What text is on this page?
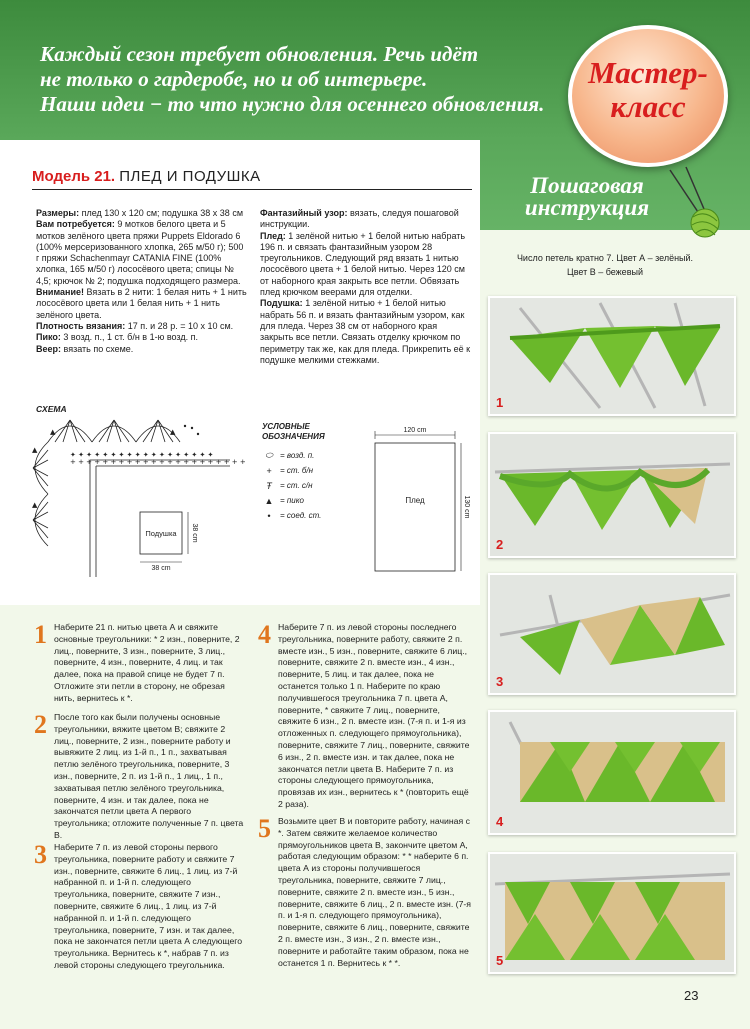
Каждый сезон требует обновления. Речь идёт
не только о гардеробе, но и об интерьере.
Наши идеи − то что нужно для осеннего обновления.
Мастер-
класс
Пошаговая
инструкция
Число петель кратно 7. Цвет А – зелёный.
Цвет В – бежевый
1
2
3
4
5
Модель 21. ПЛЕД И ПОДУШКА

Размеры: плед 130 х 120 см; подушка 38 х 38 см

Вам потребуется: 9 мотков белого цвета и 5 мотков зелёного цвета пряжи Puppets Eldorado 6 (100% мерсеризованного хлопка, 265 м/50 г); 500 г пряжи Schachenmayr CATANIA FINE (100% хлопка, 165 м/50 г) лососёвого цвета; спицы № 4,5; крючок № 2; подушка подходящего размера.

Внимание! Вязать в 2 нити: 1 белая нить + 1 нить лососёвого цвета или 1 белая нить + 1 нить зелёного цвета.

Плотность вязания: 17 п. и 28 р. = 10 х 10 см.

Пико: 3 возд. п., 1 ст. б/н в 1-ю возд. п.

Веер: вязать по схеме.

Фантазийный узор: вязать, следуя пошаговой инструкции.

Плед: 1 зелёной нитью + 1 белой нитью набрать 196 п. и связать фантазийным узором 28 треугольников. Следующий ряд вязать 1 нитью лососёвого цвета + 1 белой нитью. Через 120 см от наборного края закрыть все петли. Обвязать плед крючком веерами для отделки.

Подушка: 1 зелёной нитью + 1 белой нитью набрать 56 п. и вязать фантазийным узором, как для пледа. Через 38 см от наборного края закрыть все петли. Связать отделку крючком по периметру так же, как для пледа. Прикрепить её к подушке мелкими стежками.

СХЕМА
✦ ✦ ✦ ✦ ✦ ✦ ✦ ✦ ✦ ✦ ✦ ✦ ✦ ✦ ✦ ✦ ✦ ✦
+ + + + + + + + + + + + + + + + + + + + + +
▲	▲
▲
▲
Подушка
38 cm
38 cm
УСЛОВНЫЕ
ОБОЗНАЧЕНИЯ
⬭ = возд. п.
+	= ст. б/н
Ŧ	= ст. с/н
▲ = пико
•	= соед. ст.
120 cm
Плед	130 cm
1 Наберите 21 п. нитью цвета А и свяжите основные треугольники: * 2 изн., поверните, 2 лиц., поверните, 3 изн., поверните, 3 лиц., поверните, 4 изн., поверните, 4 лиц. и так далее, пока на правой спице не будет 7 п. Отложите эти петли в сторону, не обрезая нить, вернитесь к *.
2 После того как были получены основные треугольники, вяжите цветом В; свяжите 2 лиц., поверните, 2 изн., поверните работу и вывяжите 2 лиц. из 1-й п., 1 п., захватывая петлю зелёного треугольника, поверните, 3 изн., поверните, 2 п. из 1-й п., 1 лиц., 1 п., захватывая петлю зелёного треугольника, поверните, 4 изн. и так далее, пока не закончатся петли цвета А первого треугольника; отложите полученные 7 п. цвета В.
3 Наберите 7 п. из левой стороны первого треугольника, поверните работу и свяжите 7 изн., поверните, свяжите 6 лиц., 1 лиц. из 7-й набранной п. и 1-й п. следующего треугольника, поверните, свяжите 7 изн., поверните, свяжите 6 лиц., 1 лиц. из 7-й набранной п. и 1-й п. следующего треугольника, поверните, 7 изн. и так далее, пока не закончатся петли цвета А следующего треугольника. Вернитесь к *, набрав 7 п. из левой стороны следующего треугольника.
4 Наберите 7 п. из левой стороны последнего треугольника, поверните работу, свяжите 2 п. вместе изн., 5 изн., поверните, свяжите 6 лиц., поверните, свяжите 2 п. вместе изн., 4 изн., поверните, 5 лиц. и так далее, пока не останется только 1 п. Наберите по краю получившегося треугольника 7 п. цвета А, поверните, * свяжите 7 лиц., поверните, свяжите 6 изн., 2 п. вместе изн. (7-я п. и 1-я из отложенных п. следующего прямоугольника), поверните, свяжите 7 лиц., поверните, свяжите 6 изн., 2 п. вместе изн. и так далее, пока не закончатся петли цвета В. Наберите 7 п. из стороны следующего прямоугольника, провязав их изн., вернитесь к * (повторить ещё 2 раза).
5 Возьмите цвет В и повторите работу, начиная с *. Затем свяжите желаемое количество прямоугольников цвета В, закончите цветом А, работая следующим образом: * * наберите 6 п. цвета А из стороны получившегося треугольника, поверните, свяжите 7 лиц., поверните, свяжите 2 п. вместе изн., 5 изн., поверните, свяжите 6 лиц., 2 п. вместе изн. (7-я п. и 1-я п. следующего прямоугольника), поверните, свяжите 6 лиц., поверните, свяжите 2 п. вместе изн., 3 изн., 2 п. вместе изн., поверните и работайте таким образом, пока не останется 1 п. Вернитесь к * *.
23
